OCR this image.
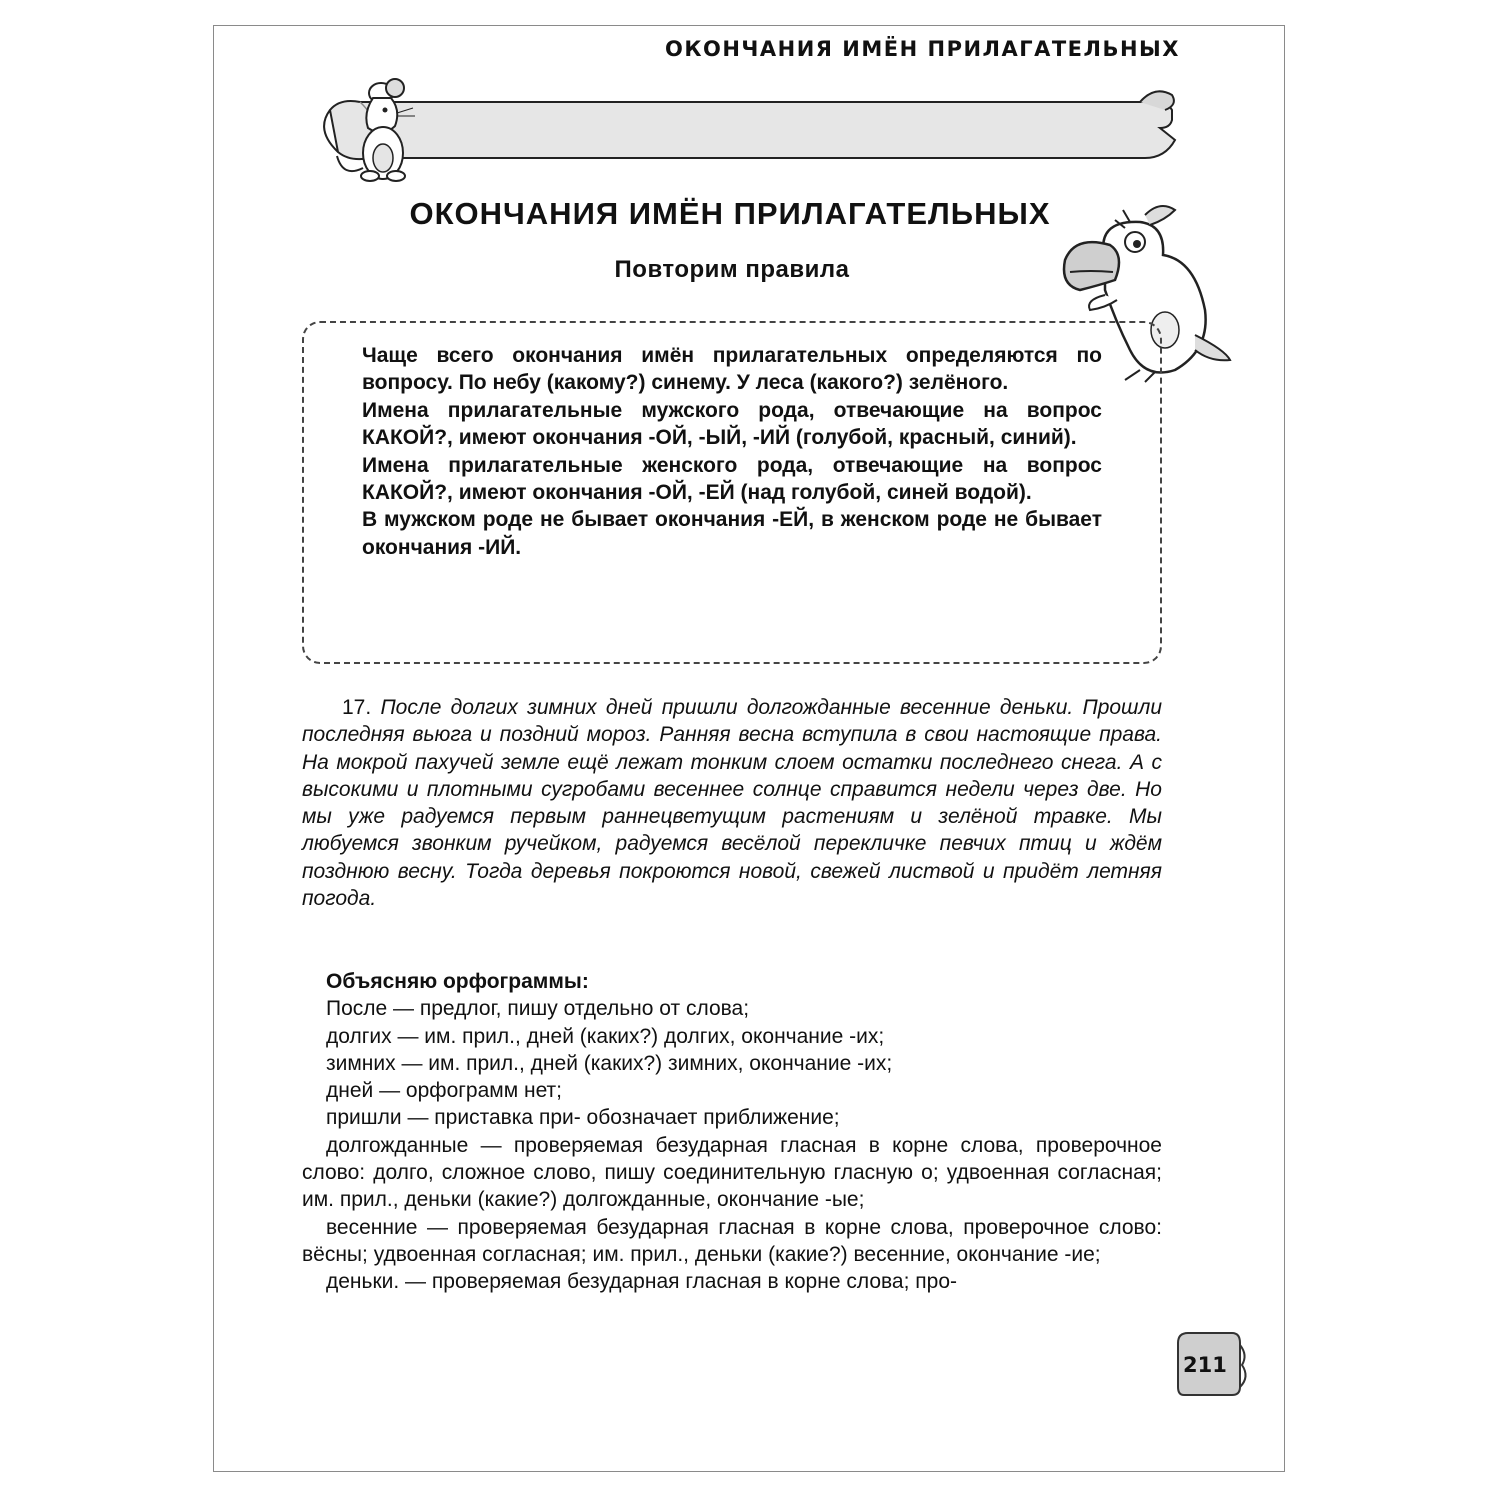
ОКОНЧАНИЯ ИМЁН ПРИЛАГАТЕЛЬНЫХ
ОКОНЧАНИЯ ИМЁН ПРИЛАГАТЕЛЬНЫХ
Повторим правила

Чаще всего окончания имён прилагательных определяются по вопросу. По небу (какому?) синему. У леса (какого?) зелёного.

Имена прилагательные мужского рода, отвечающие на вопрос КАКОЙ?, имеют окончания -ОЙ, -ЫЙ, -ИЙ (голубой, красный, синий).

Имена прилагательные женского рода, отвечающие на вопрос КАКОЙ?, имеют окончания -ОЙ, -ЕЙ (над голубой, синей водой).

В мужском роде не бывает окончания -ЕЙ, в женском роде не бывает окончания -ИЙ.

17. После долгих зимних дней пришли долгожданные весенние деньки. Прошли последняя вьюга и поздний мороз. Ранняя весна вступила в свои настоящие права. На мокрой пахучей земле ещё лежат тонким слоем остатки последнего снега. А с высокими и плотными сугробами весеннее солнце справится недели через две. Но мы уже радуемся первым раннецветущим растениям и зелёной травке. Мы любуемся звонким ручейком, радуемся весёлой перекличке певчих птиц и ждём позднюю весну. Тогда деревья покроются новой, свежей листвой и придёт летняя погода.
Объясняю орфограммы:

После — предлог, пишу отдельно от слова;

долгих — им. прил., дней (каких?) долгих, окончание -их;

зимних — им. прил., дней (каких?) зимних, окончание -их;

дней — орфограмм нет;

пришли — приставка при- обозначает приближение;

долгожданные — проверяемая безударная гласная в корне слова, проверочное слово: долго, сложное слово, пишу соединительную гласную о; удвоенная согласная; им. прил., деньки (какие?) долгожданные, окончание -ые;

весенние — проверяемая безударная гласная в корне слова, проверочное слово: вёсны; удвоенная согласная; им. прил., деньки (какие?) весенние, окончание -ие;

деньки. — проверяемая безударная гласная в корне слова; про-

211
